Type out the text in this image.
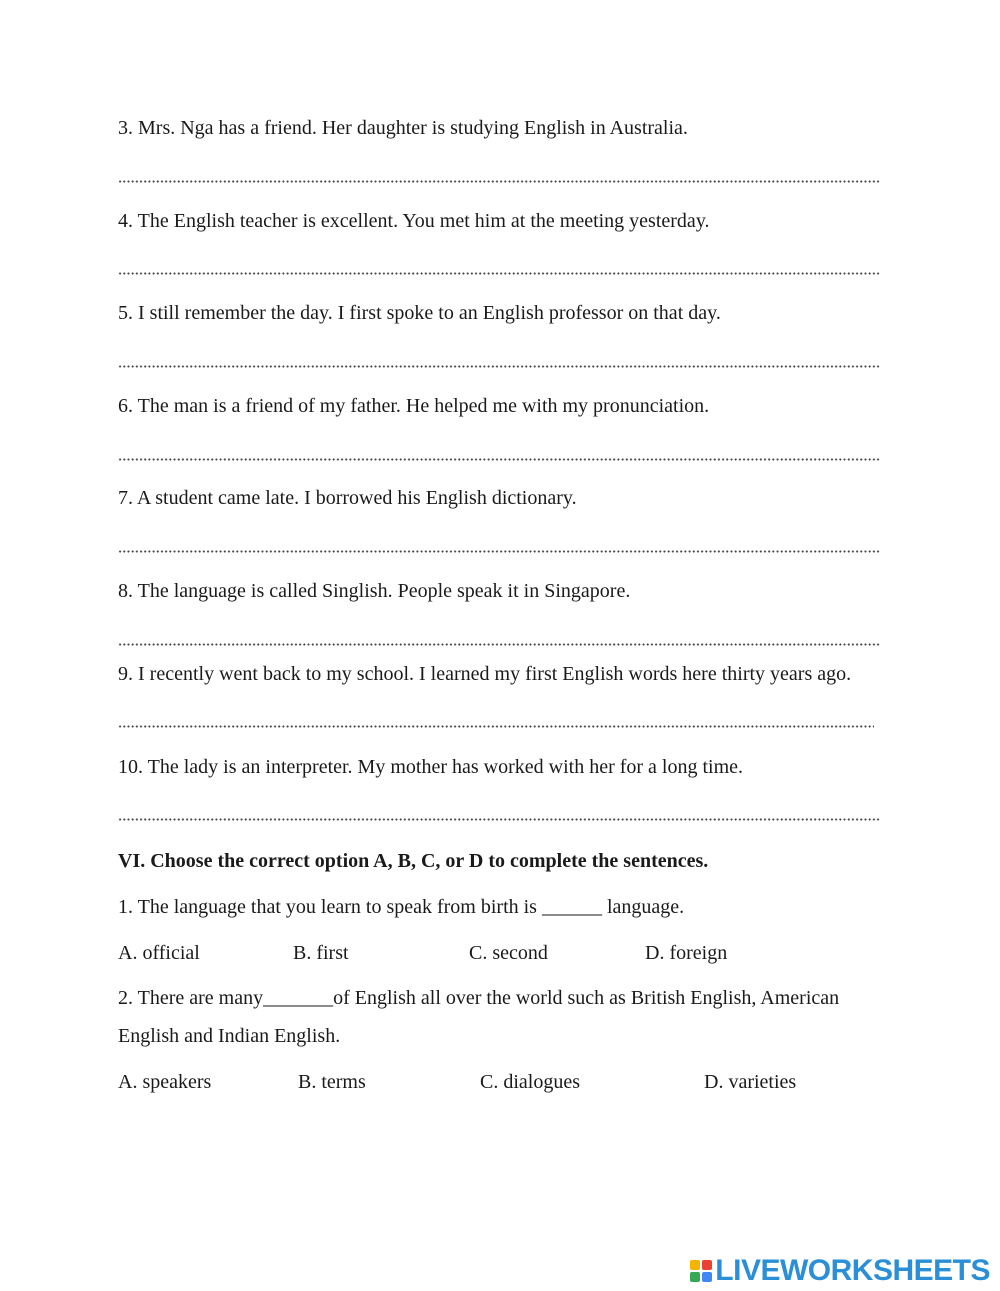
3. Mrs. Nga has a friend. Her daughter is studying English in Australia.
4. The English teacher is excellent. You met him at the meeting yesterday.
5. I still remember the day. I first spoke to an English professor on that day.
6. The man is a friend of my father. He helped me with my pronunciation.
7. A student came late. I borrowed his English dictionary.
8. The language is called Singlish. People speak it in Singapore.
9. I recently went back to my school. I learned my first English words here thirty years ago.
10. The lady is an interpreter. My mother has worked with her for a long time.
VI. Choose the correct option A, B, C, or D to complete the sentences.
1. The language that you learn to speak from birth is ______ language.
A. official	B. first	C. second	D. foreign
2. There are many_______of English all over the world such as British English, American
English and Indian English.
A. speakers	B. terms	C. dialogues	D. varieties
LIVEWORKSHEETS
